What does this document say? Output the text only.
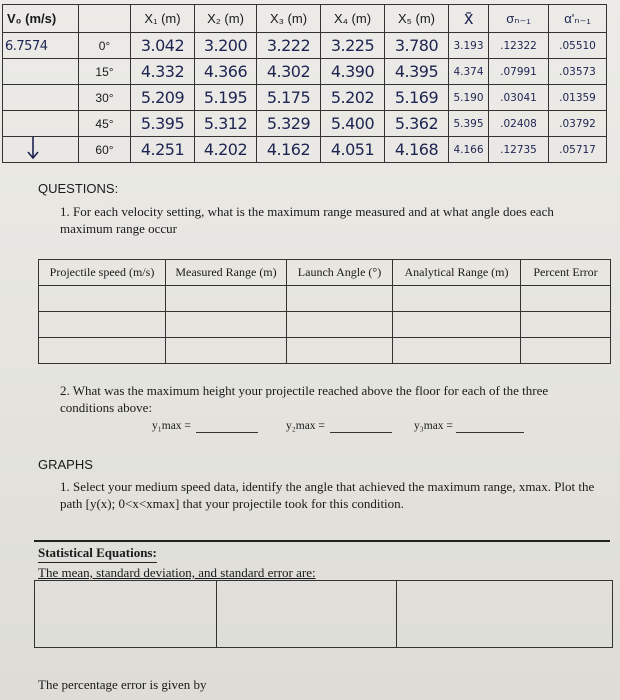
V₀ (m/s)		X₁ (m)	X₂ (m)	X₃ (m)	X₄ (m)	X₅ (m)	x̄	σₙ₋₁	α'ₙ₋₁
6.7574	0°	3.042	3.200	3.222	3.225	3.780	3.193	.12322	.05510
	15°	4.332	4.366	4.302	4.390	4.395	4.374	.07991	.03573
	30°	5.209	5.195	5.175	5.202	5.169	5.190	.03041	.01359
	45°	5.395	5.312	5.329	5.400	5.362	5.395	.02408	.03792

	60°	4.251	4.202	4.162	4.051	4.168	4.166	.12735	.05717
QUESTIONS:
1. For each velocity setting, what is the maximum range measured and at what angle does each maximum range occur
Projectile speed (m/s)	Measured Range (m)	Launch Angle (°)	Analytical Range (m)	Percent Error

2. What was the maximum height your projectile reached above the floor for each of the three conditions above:
y₁max =	y₂max =	y₃max =
GRAPHS
1. Select your medium speed data, identify the angle that achieved the maximum range, xmax. Plot the path [y(x); 0<x<xmax] that your projectile took for this condition.
Statistical Equations:
The mean, standard deviation, and standard error are:

The percentage error is given by
